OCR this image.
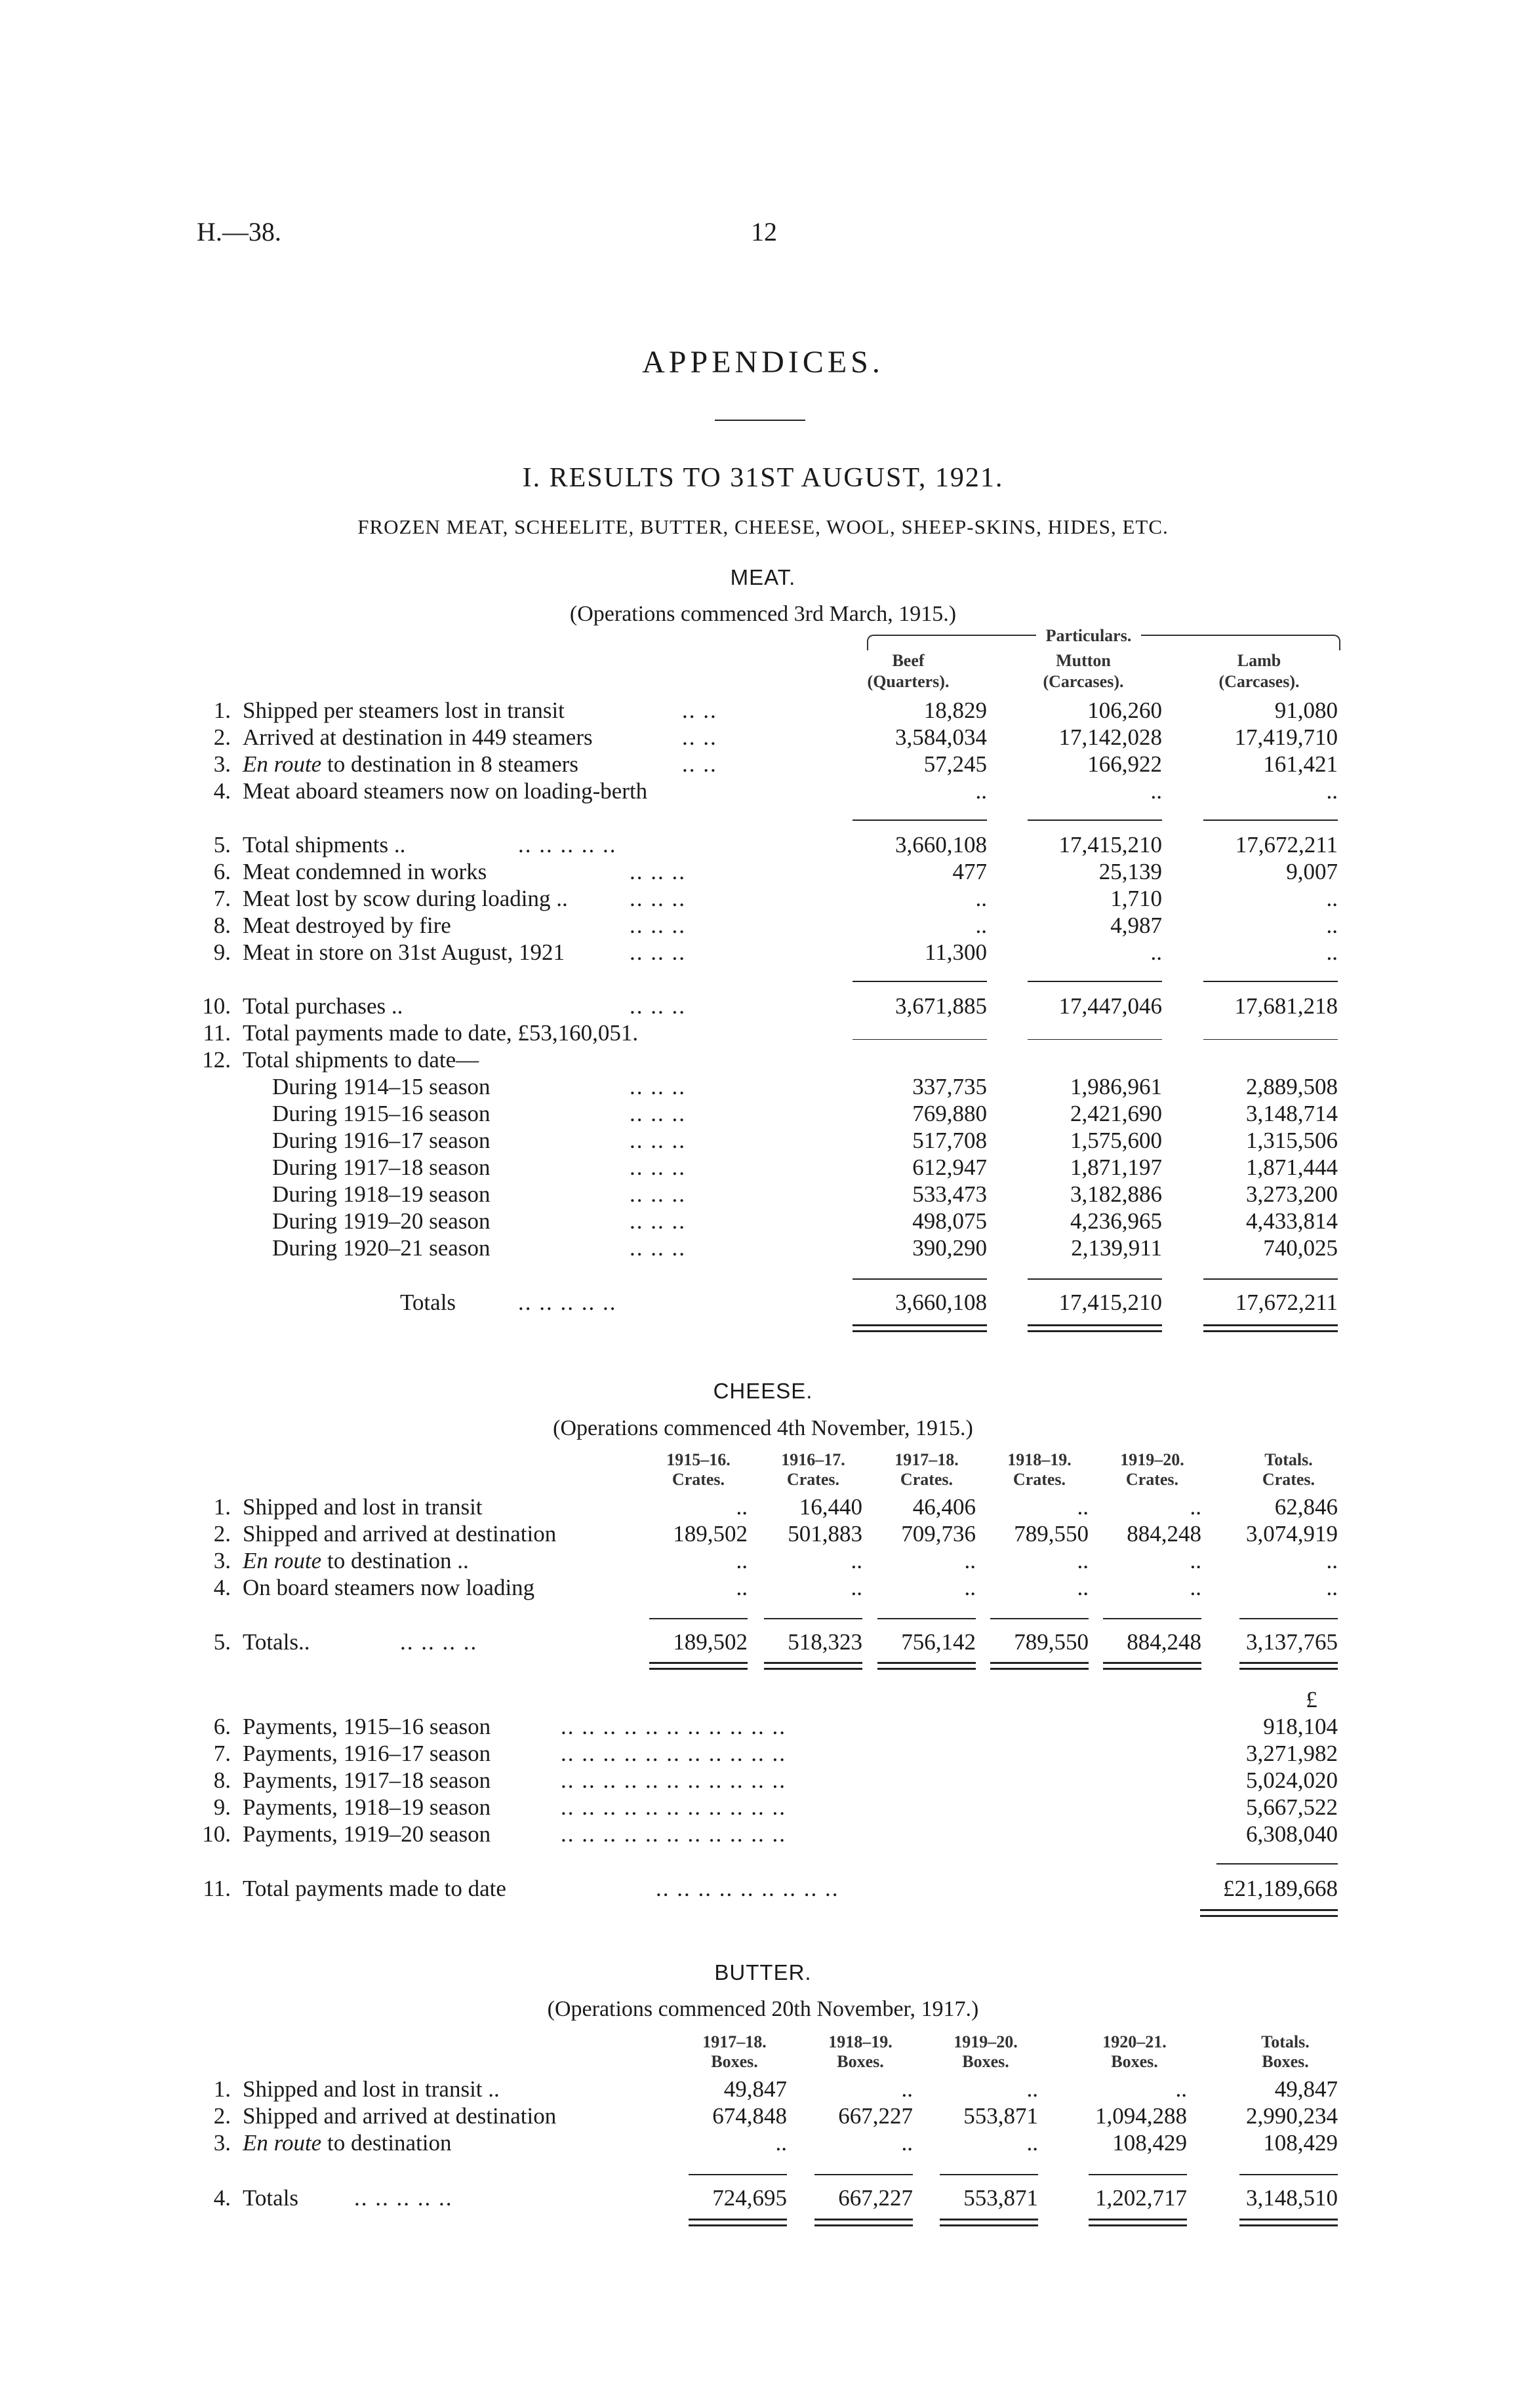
H.—38.	12
APPENDICES.
I. RESULTS TO 31ST AUGUST, 1921.
FROZEN MEAT, SCHEELITE, BUTTER, CHEESE, WOOL, SHEEP-SKINS, HIDES, ETC.
MEAT.
(Operations commenced 3rd March, 1915.)
Particulars.
Beef
(Quarters).
Mutton
(Carcases).
Lamb
(Carcases).
1. Shipped per steamers lost in transit	18,829	106,260	91,080
2. Arrived at destination in 449 steamers	3,584,034	17,142,028	17,419,710
3. En route to destination in 8 steamers	57,245	166,922	161,421
4. Meat aboard steamers now on loading-berth	..	..	..
5. Total shipments ..	3,660,108	17,415,210	17,672,211
6. Meat condemned in works	477	25,139	9,007
7. Meat lost by scow during loading ..	..	1,710	..
8. Meat destroyed by fire	..	4,987	..
9. Meat in store on 31st August, 1921	11,300	..	..
10. Total purchases ..	3,671,885	17,447,046	17,681,218
11. Total payments made to date, £53,160,051.
12. Total shipments to date—
During 1914–15 season	337,735	1,986,961	2,889,508
During 1915–16 season	769,880	2,421,690	3,148,714
During 1916–17 season	517,708	1,575,600	1,315,506
During 1917–18 season	612,947	1,871,197	1,871,444
During 1918–19 season	533,473	3,182,886	3,273,200
During 1919–20 season	498,075	4,236,965	4,433,814
During 1920–21 season	390,290	2,139,911	740,025
Totals	3,660,108	17,415,210	17,672,211
CHEESE.
(Operations commenced 4th November, 1915.)
1915–16.
Crates.
1916–17.
Crates.
1917–18.
Crates.
1918–19.
Crates.
1919–20.
Crates.
Totals.
Crates.
1. Shipped and lost in transit	..	16,440	46,406	..	..	62,846
2. Shipped and arrived at destination	189,502	501,883	709,736	789,550	884,248	3,074,919
3. En route to destination ..	..	..	..	..	..	..
4. On board steamers now loading	..	..	..	..	..	..
5. Totals..	189,502	518,323	756,142	789,550	884,248	3,137,765
£
6. Payments, 1915–16 season	918,104
7. Payments, 1916–17 season	3,271,982
8. Payments, 1917–18 season	5,024,020
9. Payments, 1918–19 season	5,667,522
10. Payments, 1919–20 season	6,308,040
11. Total payments made to date	£21,189,668
BUTTER.
(Operations commenced 20th November, 1917.)
1917–18.
Boxes.
1918–19.
Boxes.
1919–20.
Boxes.
1920–21.
Boxes.
Totals.
Boxes.
1. Shipped and lost in transit ..	49,847	..	..	..	49,847
2. Shipped and arrived at destination	674,848	667,227	553,871	1,094,288	2,990,234
3. En route to destination	..	..	..	108,429	108,429
4. Totals	724,695	667,227	553,871	1,202,717	3,148,510
.. ..
.. ..
.. ..
.. .. .. .. ..
.. .. ..
.. .. ..
.. .. ..
.. .. ..
.. .. ..
.. .. ..
.. .. ..
.. .. ..
.. .. ..
.. .. ..
.. .. ..
.. .. ..
.. .. .. .. ..
.. .. .. ..
.. .. .. .. .. .. .. .. .. .. ..
.. .. .. .. .. .. .. .. .. .. ..
.. .. .. .. .. .. .. .. .. .. ..
.. .. .. .. .. .. .. .. .. .. ..
.. .. .. .. .. .. .. .. .. .. ..
.. .. .. .. .. .. .. .. ..
.. .. .. .. ..
